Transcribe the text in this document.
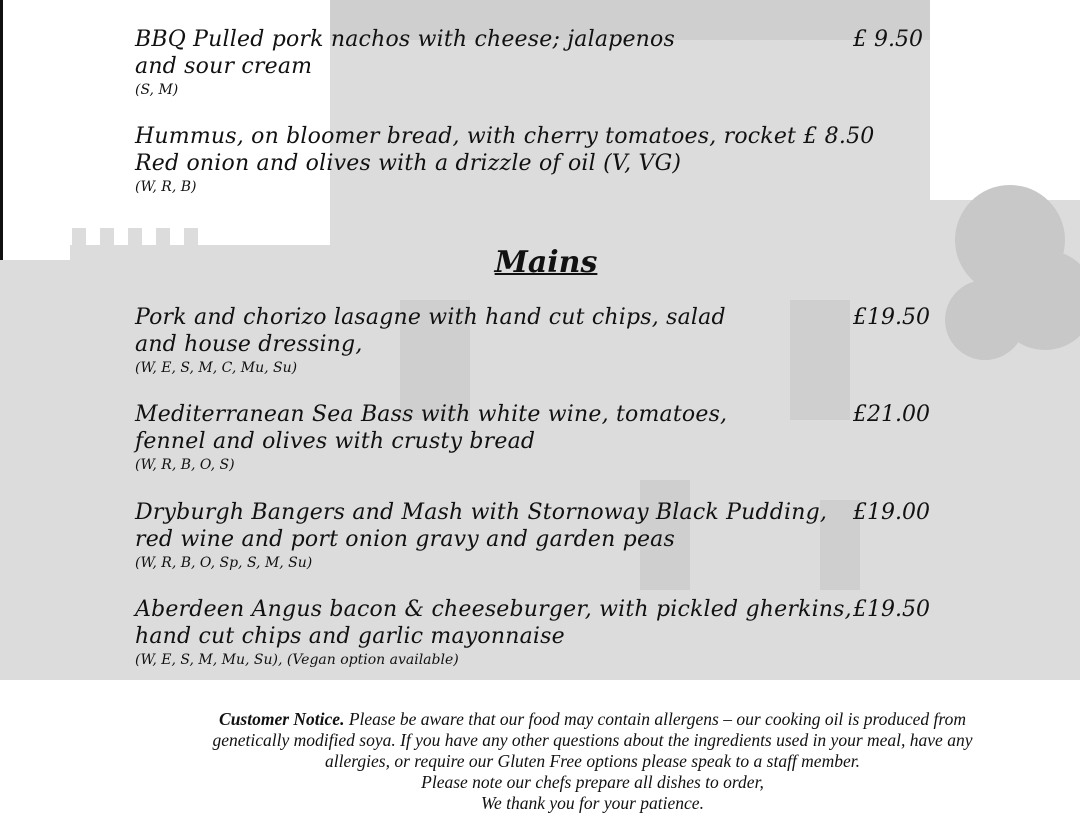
BBQ Pulled pork nachos with cheese; jalapenos
and sour cream
(S, M)
£ 9.50
Hummus, on bloomer bread, with cherry tomatoes, rocket £ 8.50
Red onion and olives with a drizzle of oil (V, VG)
(W, R, B)
Mains
Pork and chorizo lasagne with hand cut chips, salad
and house dressing,
(W, E, S, M, C, Mu, Su)
£19.50
Mediterranean Sea Bass with white wine, tomatoes,
fennel and olives with crusty bread
(W, R, B, O, S)
£21.00
Dryburgh Bangers and Mash with Stornoway Black Pudding,
red wine and port onion gravy and garden peas
(W, R, B, O, Sp, S, M, Su)
£19.00
Aberdeen Angus bacon & cheeseburger, with pickled gherkins,
hand cut chips and garlic mayonnaise
(W, E, S, M, Mu, Su), (Vegan option available)
£19.50
Customer Notice. Please be aware that our food may contain allergens – our cooking oil is produced from
genetically modified soya. If you have any other questions about the ingredients used in your meal, have any
allergies, or require our Gluten Free options please speak to a staff member.
Please note our chefs prepare all dishes to order,
We thank you for your patience.
